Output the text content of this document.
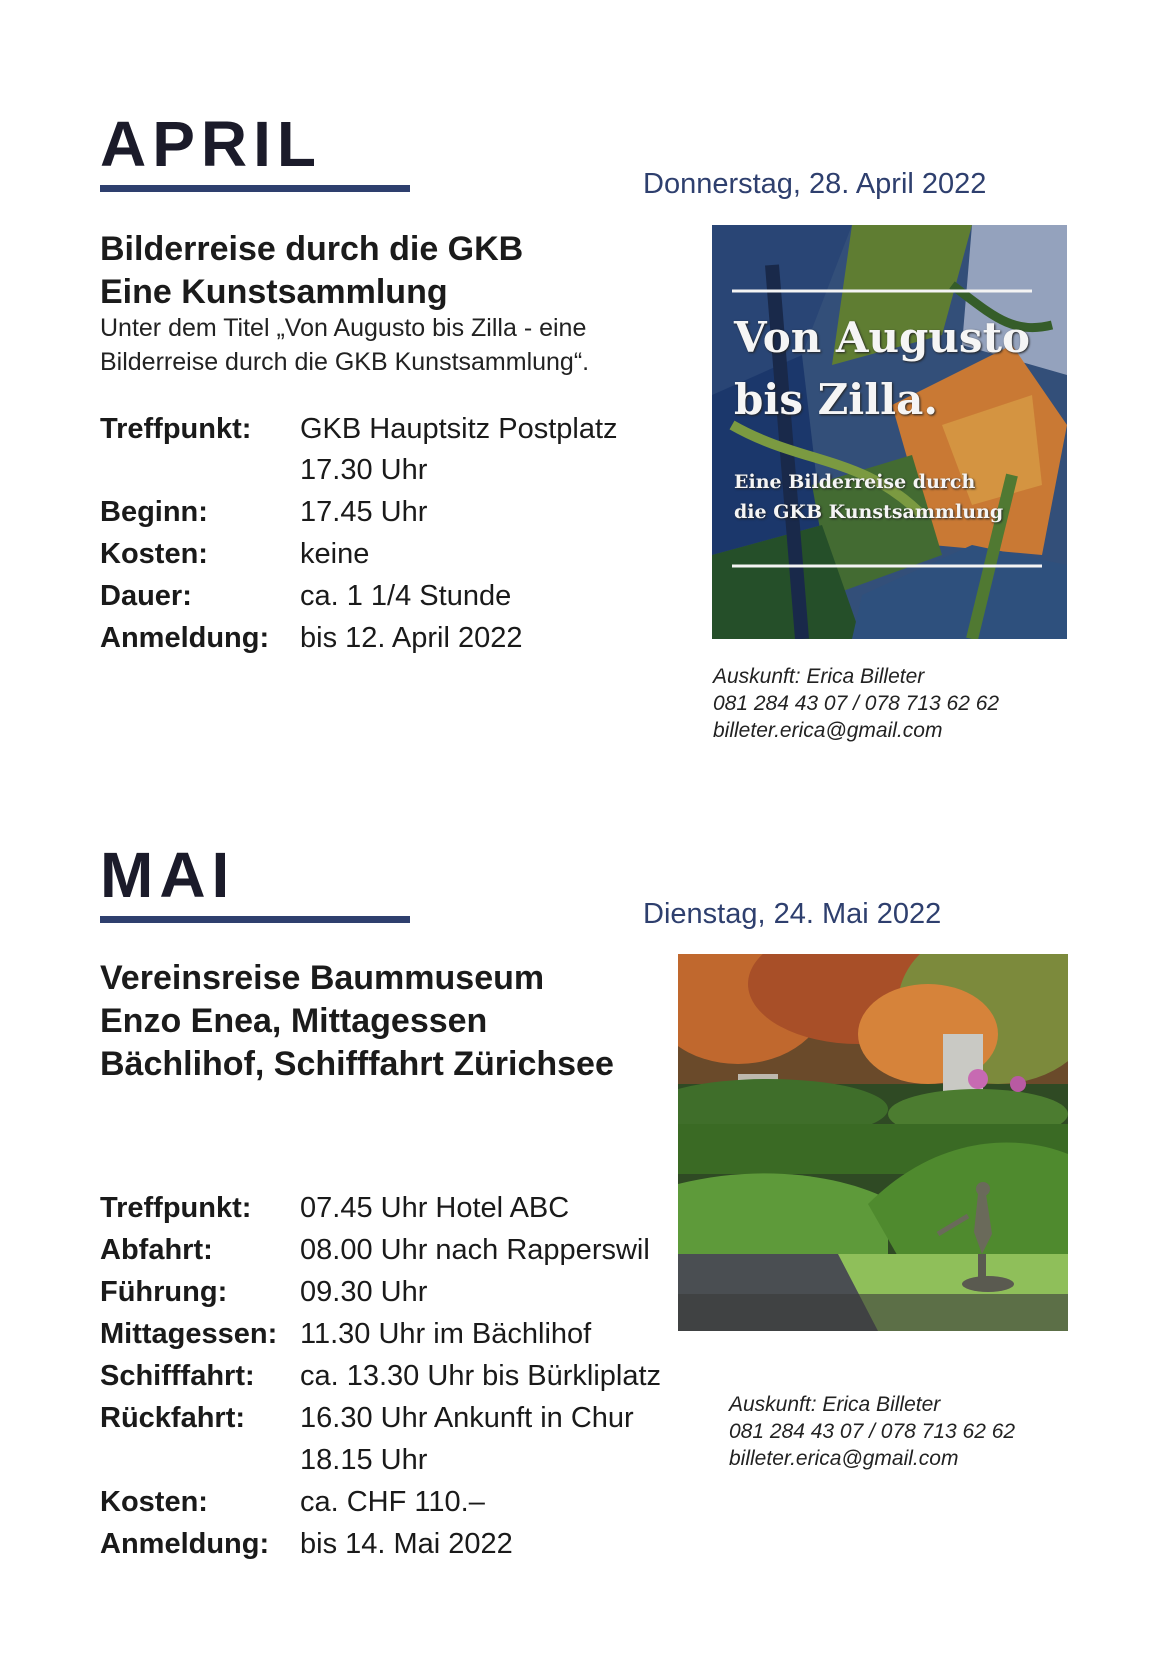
APRIL
Donnerstag, 28. April 2022
Bilderreise durch die GKB
Eine Kunstsammlung
Unter dem Titel „Von Augusto bis Zilla - eine
Bilderreise durch die GKB Kunstsammlung“.
Treffpunkt: GKB Hauptsitz Postplatz
17.30 Uhr
Beginn:	17.45 Uhr
Kosten:	keine
Dauer:	ca. 1 1/4 Stunde
Anmeldung: bis 12. April 2022
Von Augusto
bis Zilla.
Eine Bilderreise durch
die GKB Kunstsammlung
Auskunft: Erica Billeter
081 284 43 07 / 078 713 62 62
billeter.erica@gmail.com
MAI
Dienstag, 24. Mai 2022
Vereinsreise Baummuseum
Enzo Enea, Mittagessen
Bächlihof, Schifffahrt Zürichsee
Treffpunkt: 07.45 Uhr Hotel ABC
Abfahrt:	08.00 Uhr nach Rapperswil
Führung:	09.30 Uhr
Mittagessen: 11.30 Uhr im Bächlihof
Schifffahrt: ca. 13.30 Uhr bis Bürkliplatz
Rückfahrt: 16.30 Uhr Ankunft in Chur
18.15 Uhr
Kosten:	ca. CHF 110.–
Anmeldung: bis 14. Mai 2022
Auskunft: Erica Billeter
081 284 43 07 / 078 713 62 62
billeter.erica@gmail.com
